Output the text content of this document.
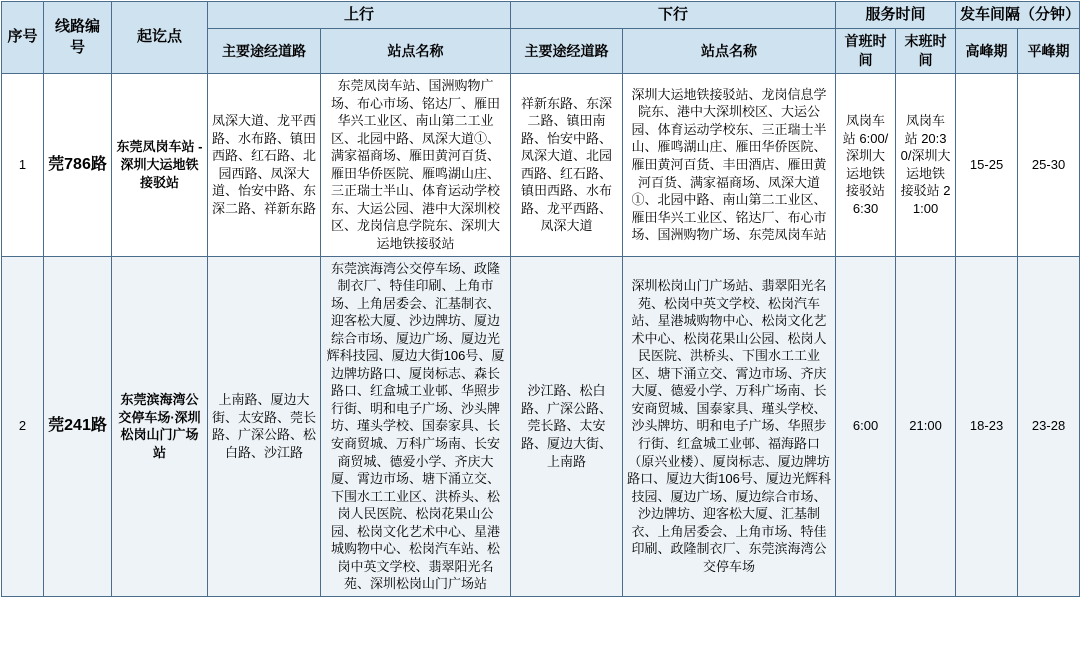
序号	线路编号	起讫点	上行		下行		服务时间		发车间隔（分钟）	
			主要途经道路	站点名称	主要途经道路	站点名称	首班时间	末班时间	高峰期	平峰期
1	莞786路	东莞凤岗车站 - 深圳大运地铁接驳站	凤深大道、龙平西路、水布路、镇田西路、红石路、北园西路、凤深大道、怡安中路、东深二路、祥新东路	东莞凤岗车站、国洲购物广场、布心市场、铭达厂、雁田华兴工业区、南山第二工业区、北园中路、凤深大道①、满家福商场、雁田黄河百货、雁田华侨医院、雁鸣湖山庄、三正瑞士半山、体育运动学校东、大运公园、港中大深圳校区、龙岗信息学院东、深圳大运地铁接驳站	祥新东路、东深二路、镇田南路、怡安中路、凤深大道、北园西路、红石路、镇田西路、水布路、龙平西路、凤深大道	深圳大运地铁接驳站、龙岗信息学院东、港中大深圳校区、大运公园、体育运动学校东、三正瑞士半山、雁鸣湖山庄、雁田华侨医院、雁田黄河百货、丰田酒店、雁田黄河百货、满家福商场、凤深大道①、北园中路、南山第二工业区、雁田华兴工业区、铭达厂、布心市场、国洲购物广场、东莞凤岗车站	凤岗车站 6:00/深圳大运地铁接驳站 6:30	凤岗车站 20:30/深圳大运地铁接驳站 21:00	15-25	25-30
2	莞241路	东莞滨海湾公交停车场·深圳松岗山门广场站	上南路、厦边大街、太安路、莞长路、广深公路、松白路、沙江路	东莞滨海湾公交停车场、政隆制衣厂、特佳印刷、上角市场、上角居委会、汇基制衣、迎客松大厦、沙边牌坊、厦边综合市场、厦边广场、厦边光辉科技园、厦边大街106号、厦边牌坊路口、厦岗标志、森长路口、红盒城工业邨、华照步行街、明和电子广场、沙头牌坊、瑾头学校、国泰家具、长安商贸城、万科广场南、长安商贸城、德爱小学、齐庆大厦、霄边市场、塘下涌立交、下围水工工业区、洪桥头、松岗人民医院、松岗花果山公园、松岗文化艺术中心、星港城购物中心、松岗汽车站、松岗中英文学校、翡翠阳光名苑、深圳松岗山门广场站	沙江路、松白路、广深公路、莞长路、太安路、厦边大街、上南路	深圳松岗山门广场站、翡翠阳光名苑、松岗中英文学校、松岗汽车站、星港城购物中心、松岗文化艺术中心、松岗花果山公园、松岗人民医院、洪桥头、下围水工工业区、塘下涌立交、霄边市场、齐庆大厦、德爱小学、万科广场南、长安商贸城、国泰家具、瑾头学校、沙头牌坊、明和电子广场、华照步行街、红盒城工业邨、福海路口（原兴业楼）、厦岗标志、厦边牌坊路口、厦边大街106号、厦边光辉科技园、厦边广场、厦边综合市场、沙边牌坊、迎客松大厦、汇基制衣、上角居委会、上角市场、特佳印刷、政隆制衣厂、东莞滨海湾公交停车场	6:00	21:00	18-23	23-28
